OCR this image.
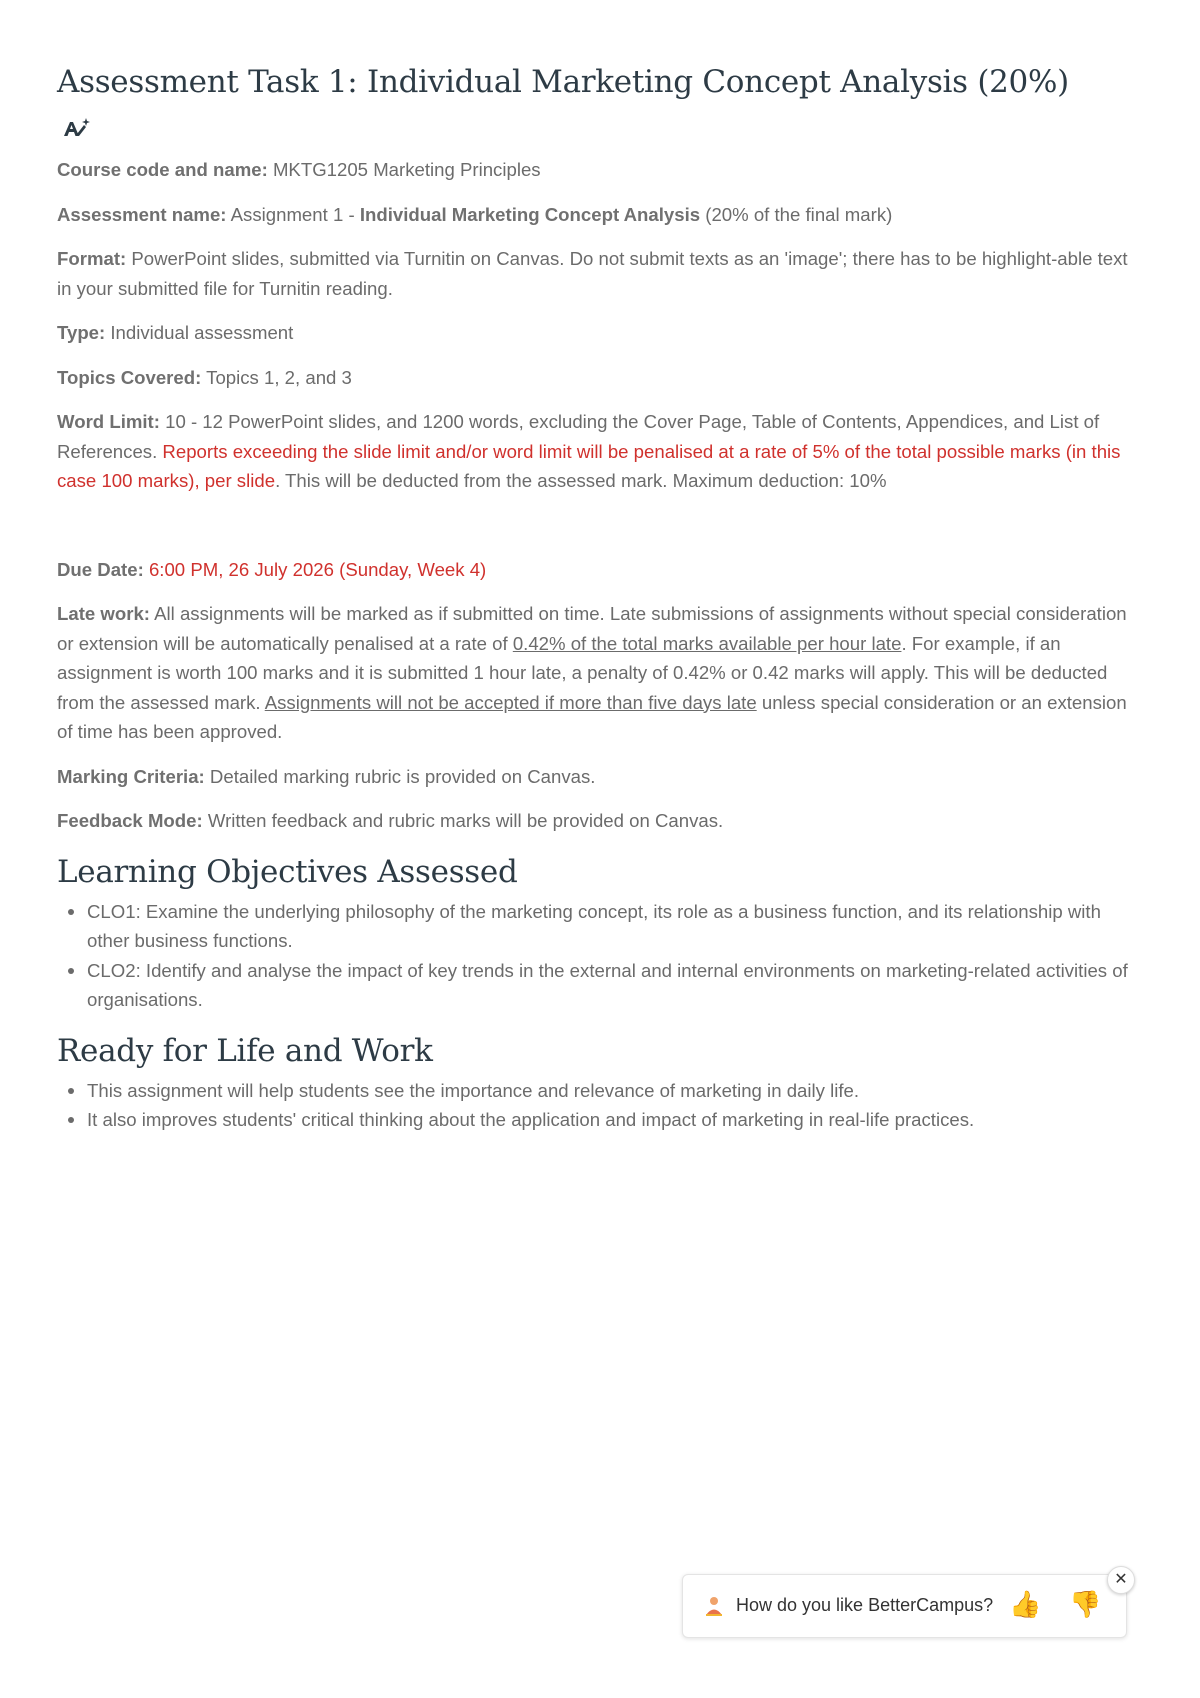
Assessment Task 1: Individual Marketing Concept Analysis (20%)

Course code and name: MKTG1205 Marketing Principles

Assessment name: Assignment 1 - Individual Marketing Concept Analysis (20% of the final mark)

Format: PowerPoint slides, submitted via Turnitin on Canvas. Do not submit texts as an 'image'; there has to be highlight-able text in your submitted file for Turnitin reading.

Type: Individual assessment

Topics Covered: Topics 1, 2, and 3

Word Limit: 10 - 12 PowerPoint slides, and 1200 words, excluding the Cover Page, Table of Contents, Appendices, and List of References. Reports exceeding the slide limit and/or word limit will be penalised at a rate of 5% of the total possible marks (in this case 100 marks), per slide. This will be deducted from the assessed mark. Maximum deduction: 10%

Due Date: 6:00 PM, 26 July 2026 (Sunday, Week 4)

Late work: All assignments will be marked as if submitted on time. Late submissions of assignments without special consideration or extension will be automatically penalised at a rate of 0.42% of the total marks available per hour late. For example, if an assignment is worth 100 marks and it is submitted 1 hour late, a penalty of 0.42% or 0.42 marks will apply. This will be deducted from the assessed mark. Assignments will not be accepted if more than five days late unless special consideration or an extension of time has been approved.

Marking Criteria: Detailed marking rubric is provided on Canvas.

Feedback Mode: Written feedback and rubric marks will be provided on Canvas.

Learning Objectives Assessed
CLO1: Examine the underlying philosophy of the marketing concept, its role as a business function, and its relationship with other business functions.
CLO2: Identify and analyse the impact of key trends in the external and internal environments on marketing-related activities of organisations.
Ready for Life and Work
This assignment will help students see the importance and relevance of marketing in daily life.
It also improves students' critical thinking about the application and impact of marketing in real-life practices.
How do you like BetterCampus? 👍 👎
✕
